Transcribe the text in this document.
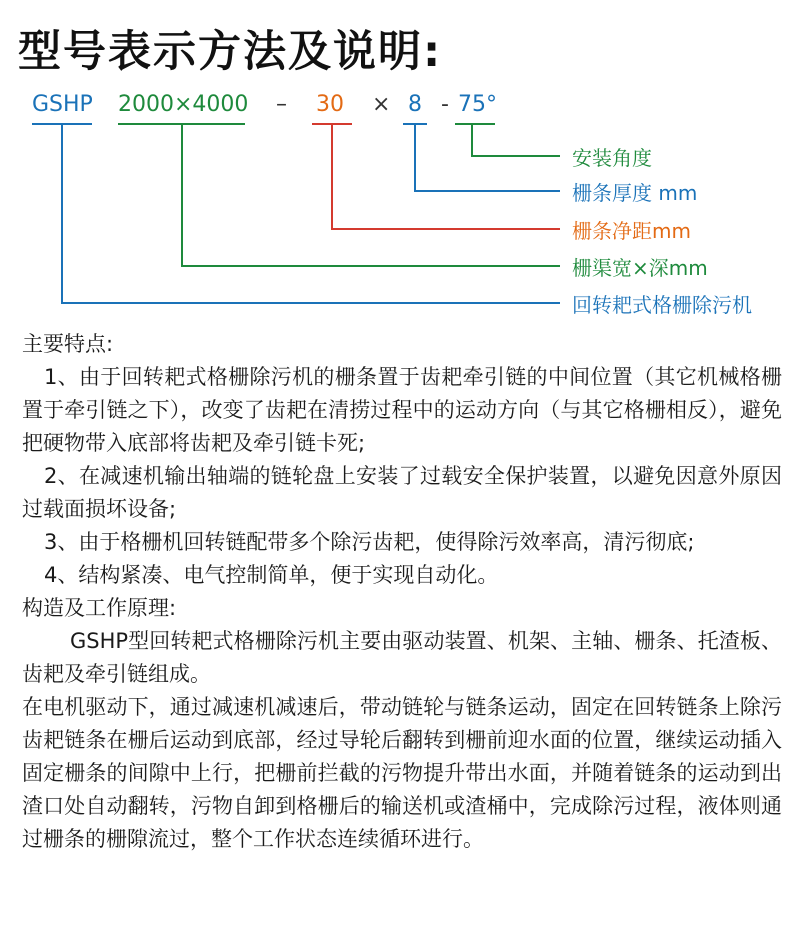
型号表示方法及说明:
GSHP 2000×4000 – 30 × 8 - 75°
安装角度
栅条厚度 mm
栅条净距mm
栅渠宽×深mm
回转耙式格栅除污机

主要特点:

1、由于回转耙式格栅除污机的栅条置于齿耙牵引链的中间位置（其它机械格栅置于牵引链之下），改变了齿耙在清捞过程中的运动方向（与其它格栅相反），避免把硬物带入底部将齿耙及牵引链卡死;

2、在减速机输出轴端的链轮盘上安装了过载安全保护装置，以避免因意外原因过载面损坏设备;

3、由于格栅机回转链配带多个除污齿耙，使得除污效率高，清污彻底;

4、结构紧凑、电气控制简单，便于实现自动化。

构造及工作原理:

GSHP型回转耙式格栅除污机主要由驱动装置、机架、主轴、栅条、托渣板、齿耙及牵引链组成。

在电机驱动下，通过减速机减速后，带动链轮与链条运动，固定在回转链条上除污齿耙链条在栅后运动到底部，经过导轮后翻转到栅前迎水面的位置，继续运动插入固定栅条的间隙中上行，把栅前拦截的污物提升带出水面，并随着链条的运动到出渣口处自动翻转，污物自卸到格栅后的输送机或渣桶中，完成除污过程，液体则通过栅条的栅隙流过，整个工作状态连续循环进行。
